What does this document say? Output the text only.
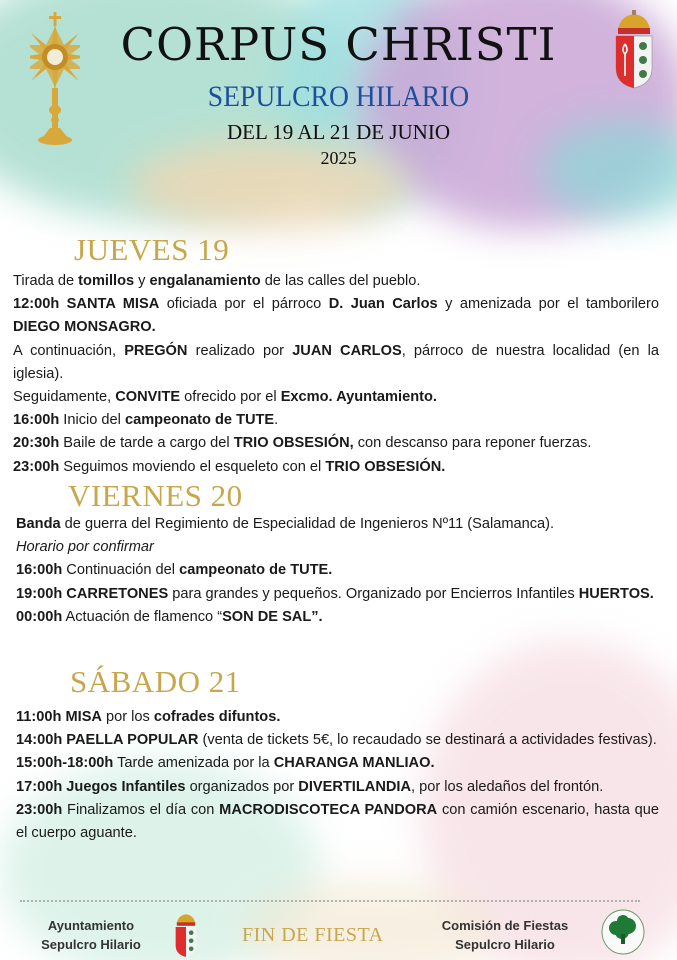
CORPUS CHRISTI
SEPULCRO HILARIO
DEL 19 AL 21 DE JUNIO
2025
JUEVES 19

Tirada de tomillos y engalanamiento de las calles del pueblo.

12:00h SANTA MISA oficiada por el párroco D. Juan Carlos y amenizada por el tamborilero DIEGO MONSAGRO.

A continuación, PREGÓN realizado por JUAN CARLOS, párroco de nuestra localidad (en la iglesia).

Seguidamente, CONVITE ofrecido por el Excmo. Ayuntamiento.

16:00h Inicio del campeonato de TUTE.

20:30h Baile de tarde a cargo del TRIO OBSESIÓN, con descanso para reponer fuerzas.

23:00h Seguimos moviendo el esqueleto con el TRIO OBSESIÓN.

VIERNES 20

Banda de guerra del Regimiento de Especialidad de Ingenieros Nº11 (Salamanca).
Horario por confirmar

16:00h Continuación del campeonato de TUTE.

19:00h CARRETONES para grandes y pequeños. Organizado por Encierros Infantiles HUERTOS.

00:00h Actuación de flamenco “SON DE SAL”.

SÁBADO 21

11:00h MISA por los cofrades difuntos.

14:00h PAELLA POPULAR (venta de tickets 5€, lo recaudado se destinará a actividades festivas).

15:00h-18:00h Tarde amenizada por la CHARANGA MANLIAO.

17:00h Juegos Infantiles organizados por DIVERTILANDIA, por los aledaños del frontón.

23:00h Finalizamos el día con MACRODISCOTECA PANDORA con camión escenario, hasta que el cuerpo aguante.

Ayuntamiento
Sepulcro Hilario	FIN DE FIESTA	Comisión de Fiestas
Sepulcro Hilario
